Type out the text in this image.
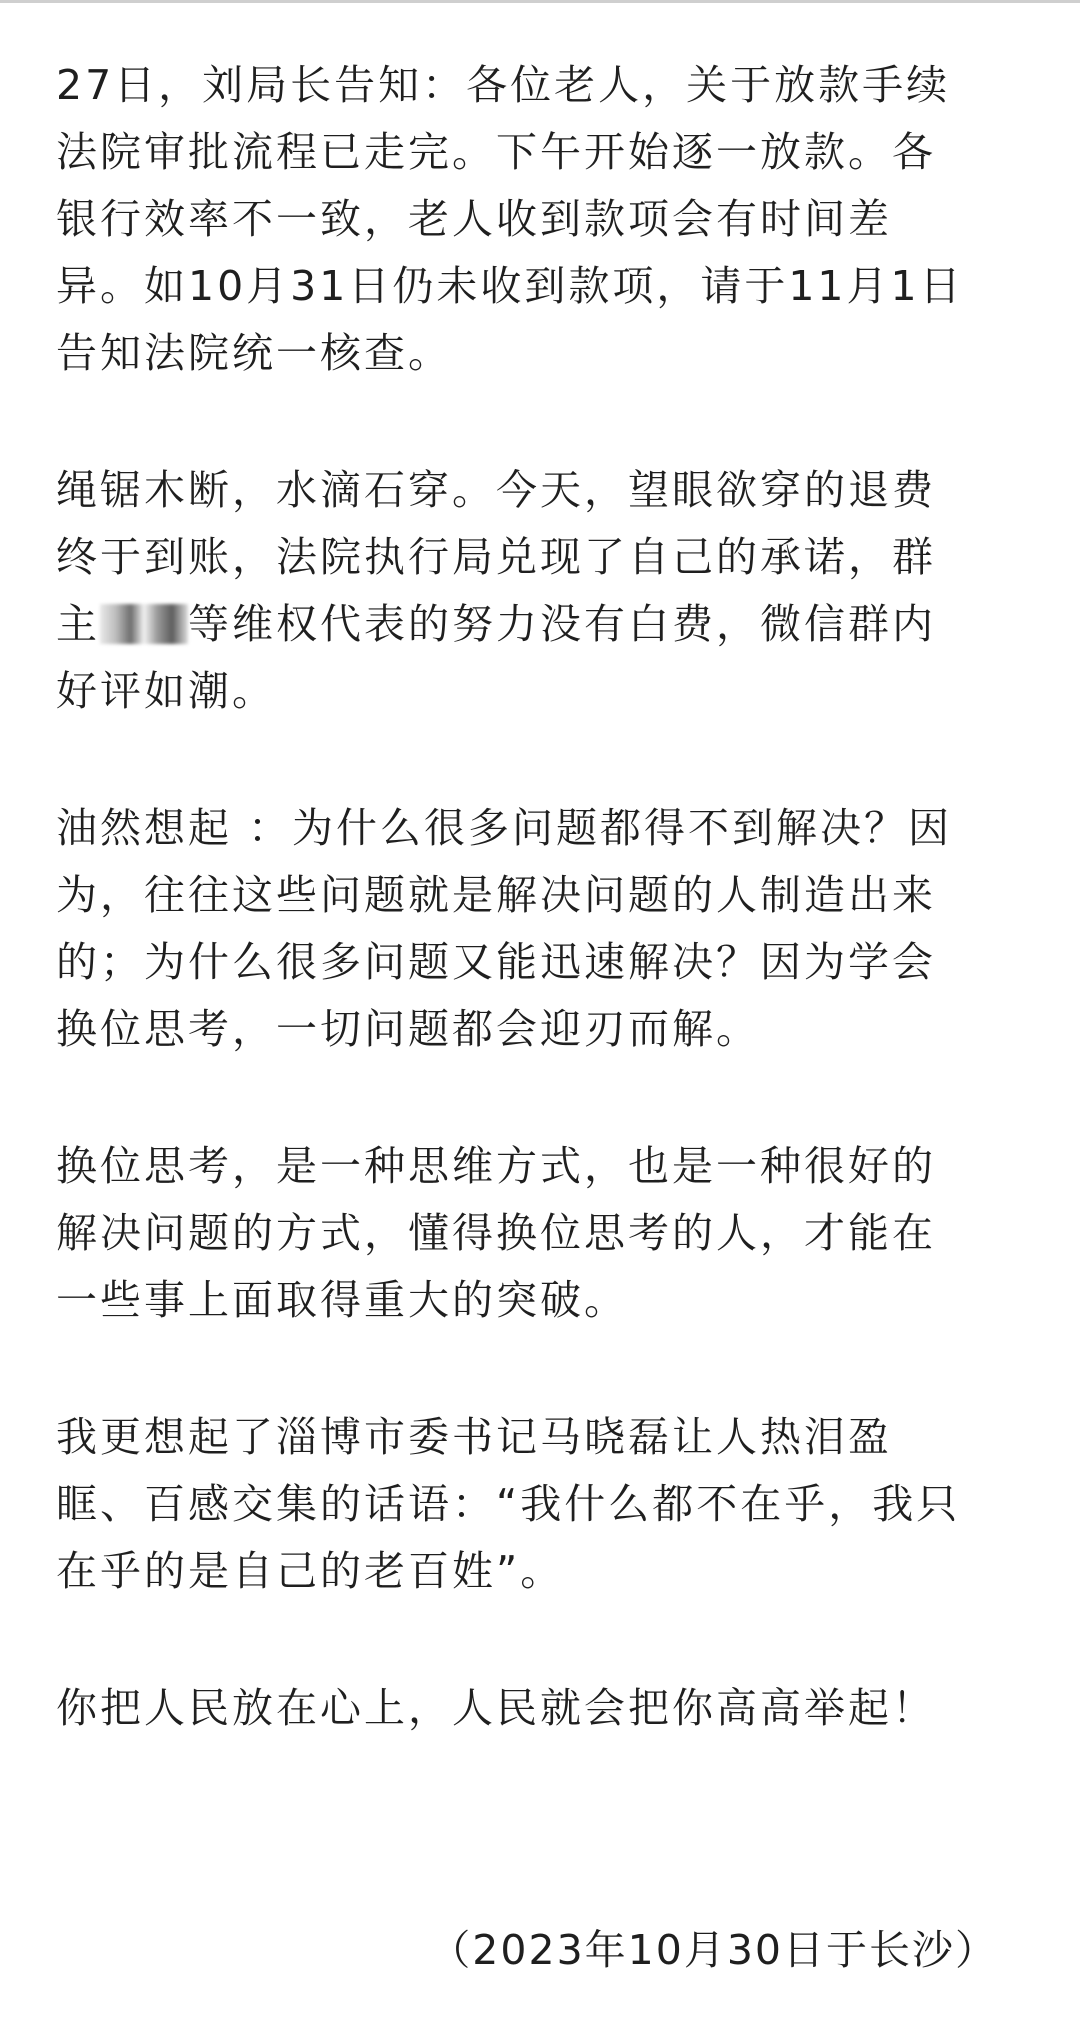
27日，刘局长告知：各位老人，关于放款手续
法院审批流程已走完。下午开始逐一放款。各
银行效率不一致，老人收到款项会有时间差
异。如10月31日仍未收到款项，请于11月1日
告知法院统一核查。

绳锯木断，水滴石穿。今天，望眼欲穿的退费
终于到账，法院执行局兑现了自己的承诺，群
主 等维权代表的努力没有白费，微信群内
好评如潮。

油然想起 ：为什么很多问题都得不到解决？因
为，往往这些问题就是解决问题的人制造出来
的；为什么很多问题又能迅速解决？因为学会
换位思考，一切问题都会迎刃而解。

换位思考，是一种思维方式，也是一种很好的
解决问题的方式，懂得换位思考的人，才能在
一些事上面取得重大的突破。

我更想起了淄博市委书记马晓磊让人热泪盈
眶、百感交集的话语：“我什么都不在乎，我只
在乎的是自己的老百姓”。

你把人民放在心上，人民就会把你高高举起！

（2023年10月30日于长沙）
